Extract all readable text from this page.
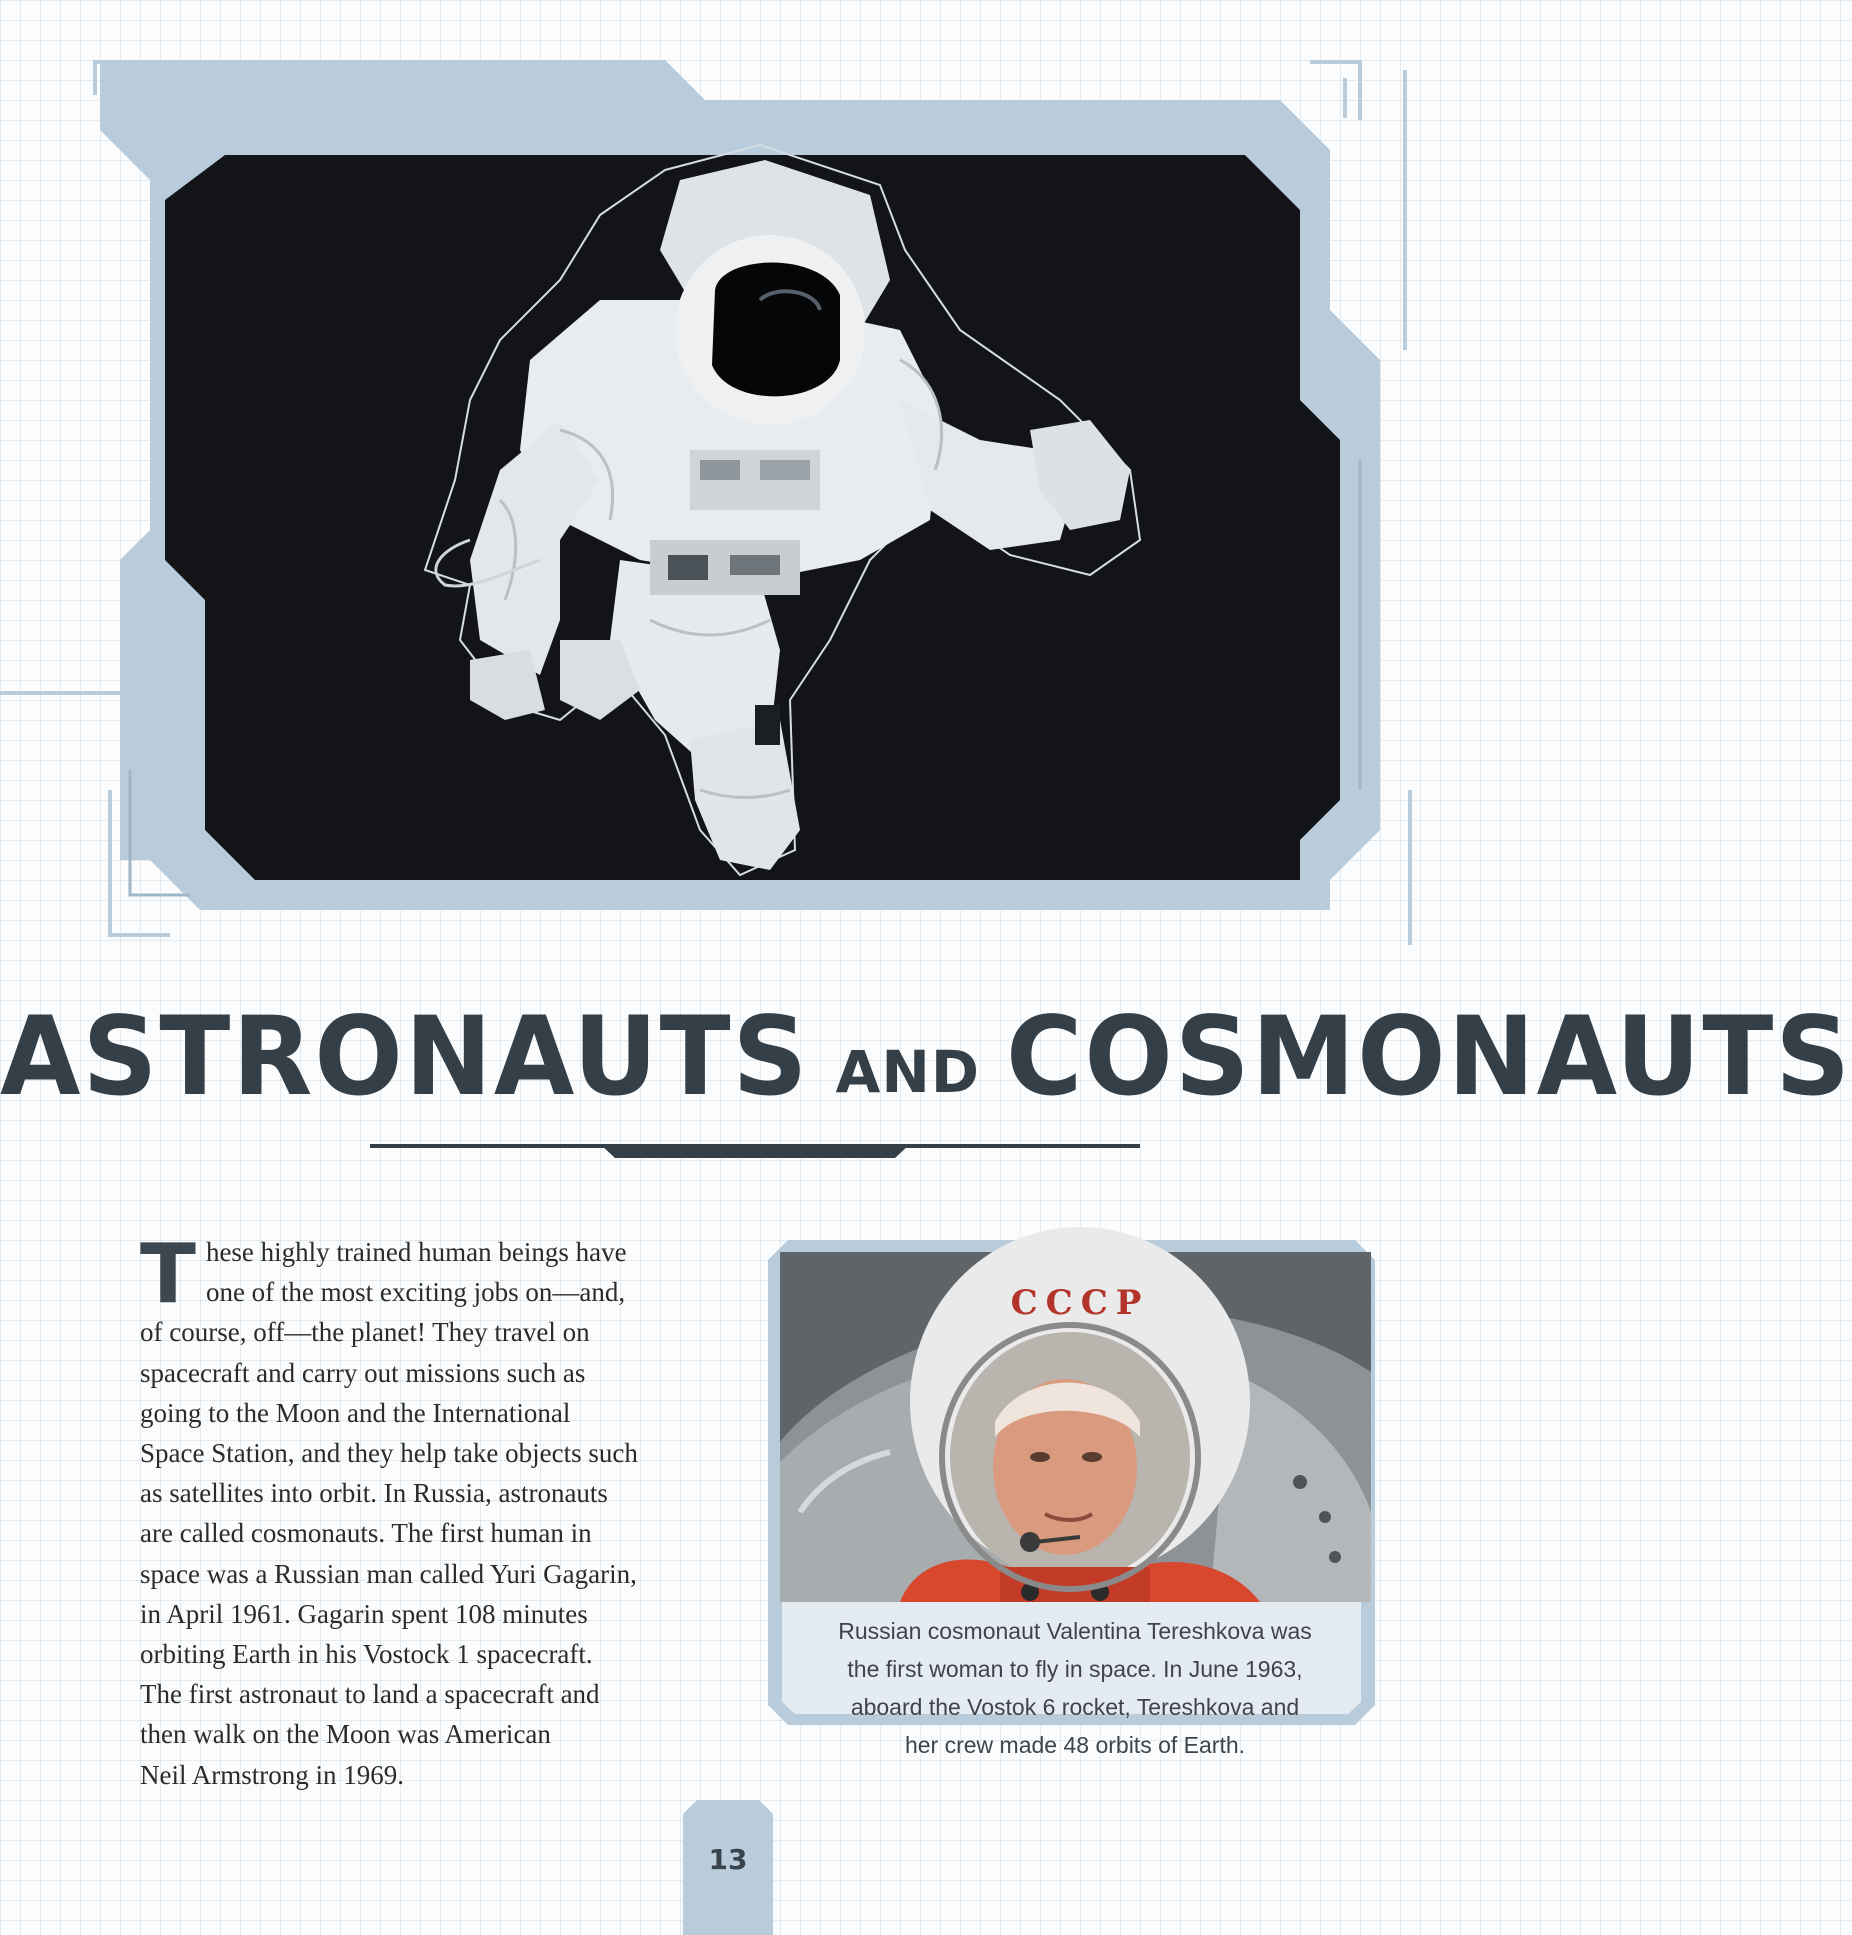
ASTRONAUTS AND COSMONAUTS
T hese highly trained human beings have
one of the most exciting jobs on—and,
of course, off—the planet! They travel on
spacecraft and carry out missions such as
going to the Moon and the International
Space Station, and they help take objects such
as satellites into orbit. In Russia, astronauts
are called cosmonauts. The first human in
space was a Russian man called Yuri Gagarin,
in April 1961. Gagarin spent 108 minutes
orbiting Earth in his Vostock 1 spacecraft.
The first astronaut to land a spacecraft and
then walk on the Moon was American
Neil Armstrong in 1969.
CCCP
Russian cosmonaut Valentina Tereshkova was
the first woman to fly in space. In June 1963,
aboard the Vostok 6 rocket, Tereshkova and
her crew made 48 orbits of Earth.
13
